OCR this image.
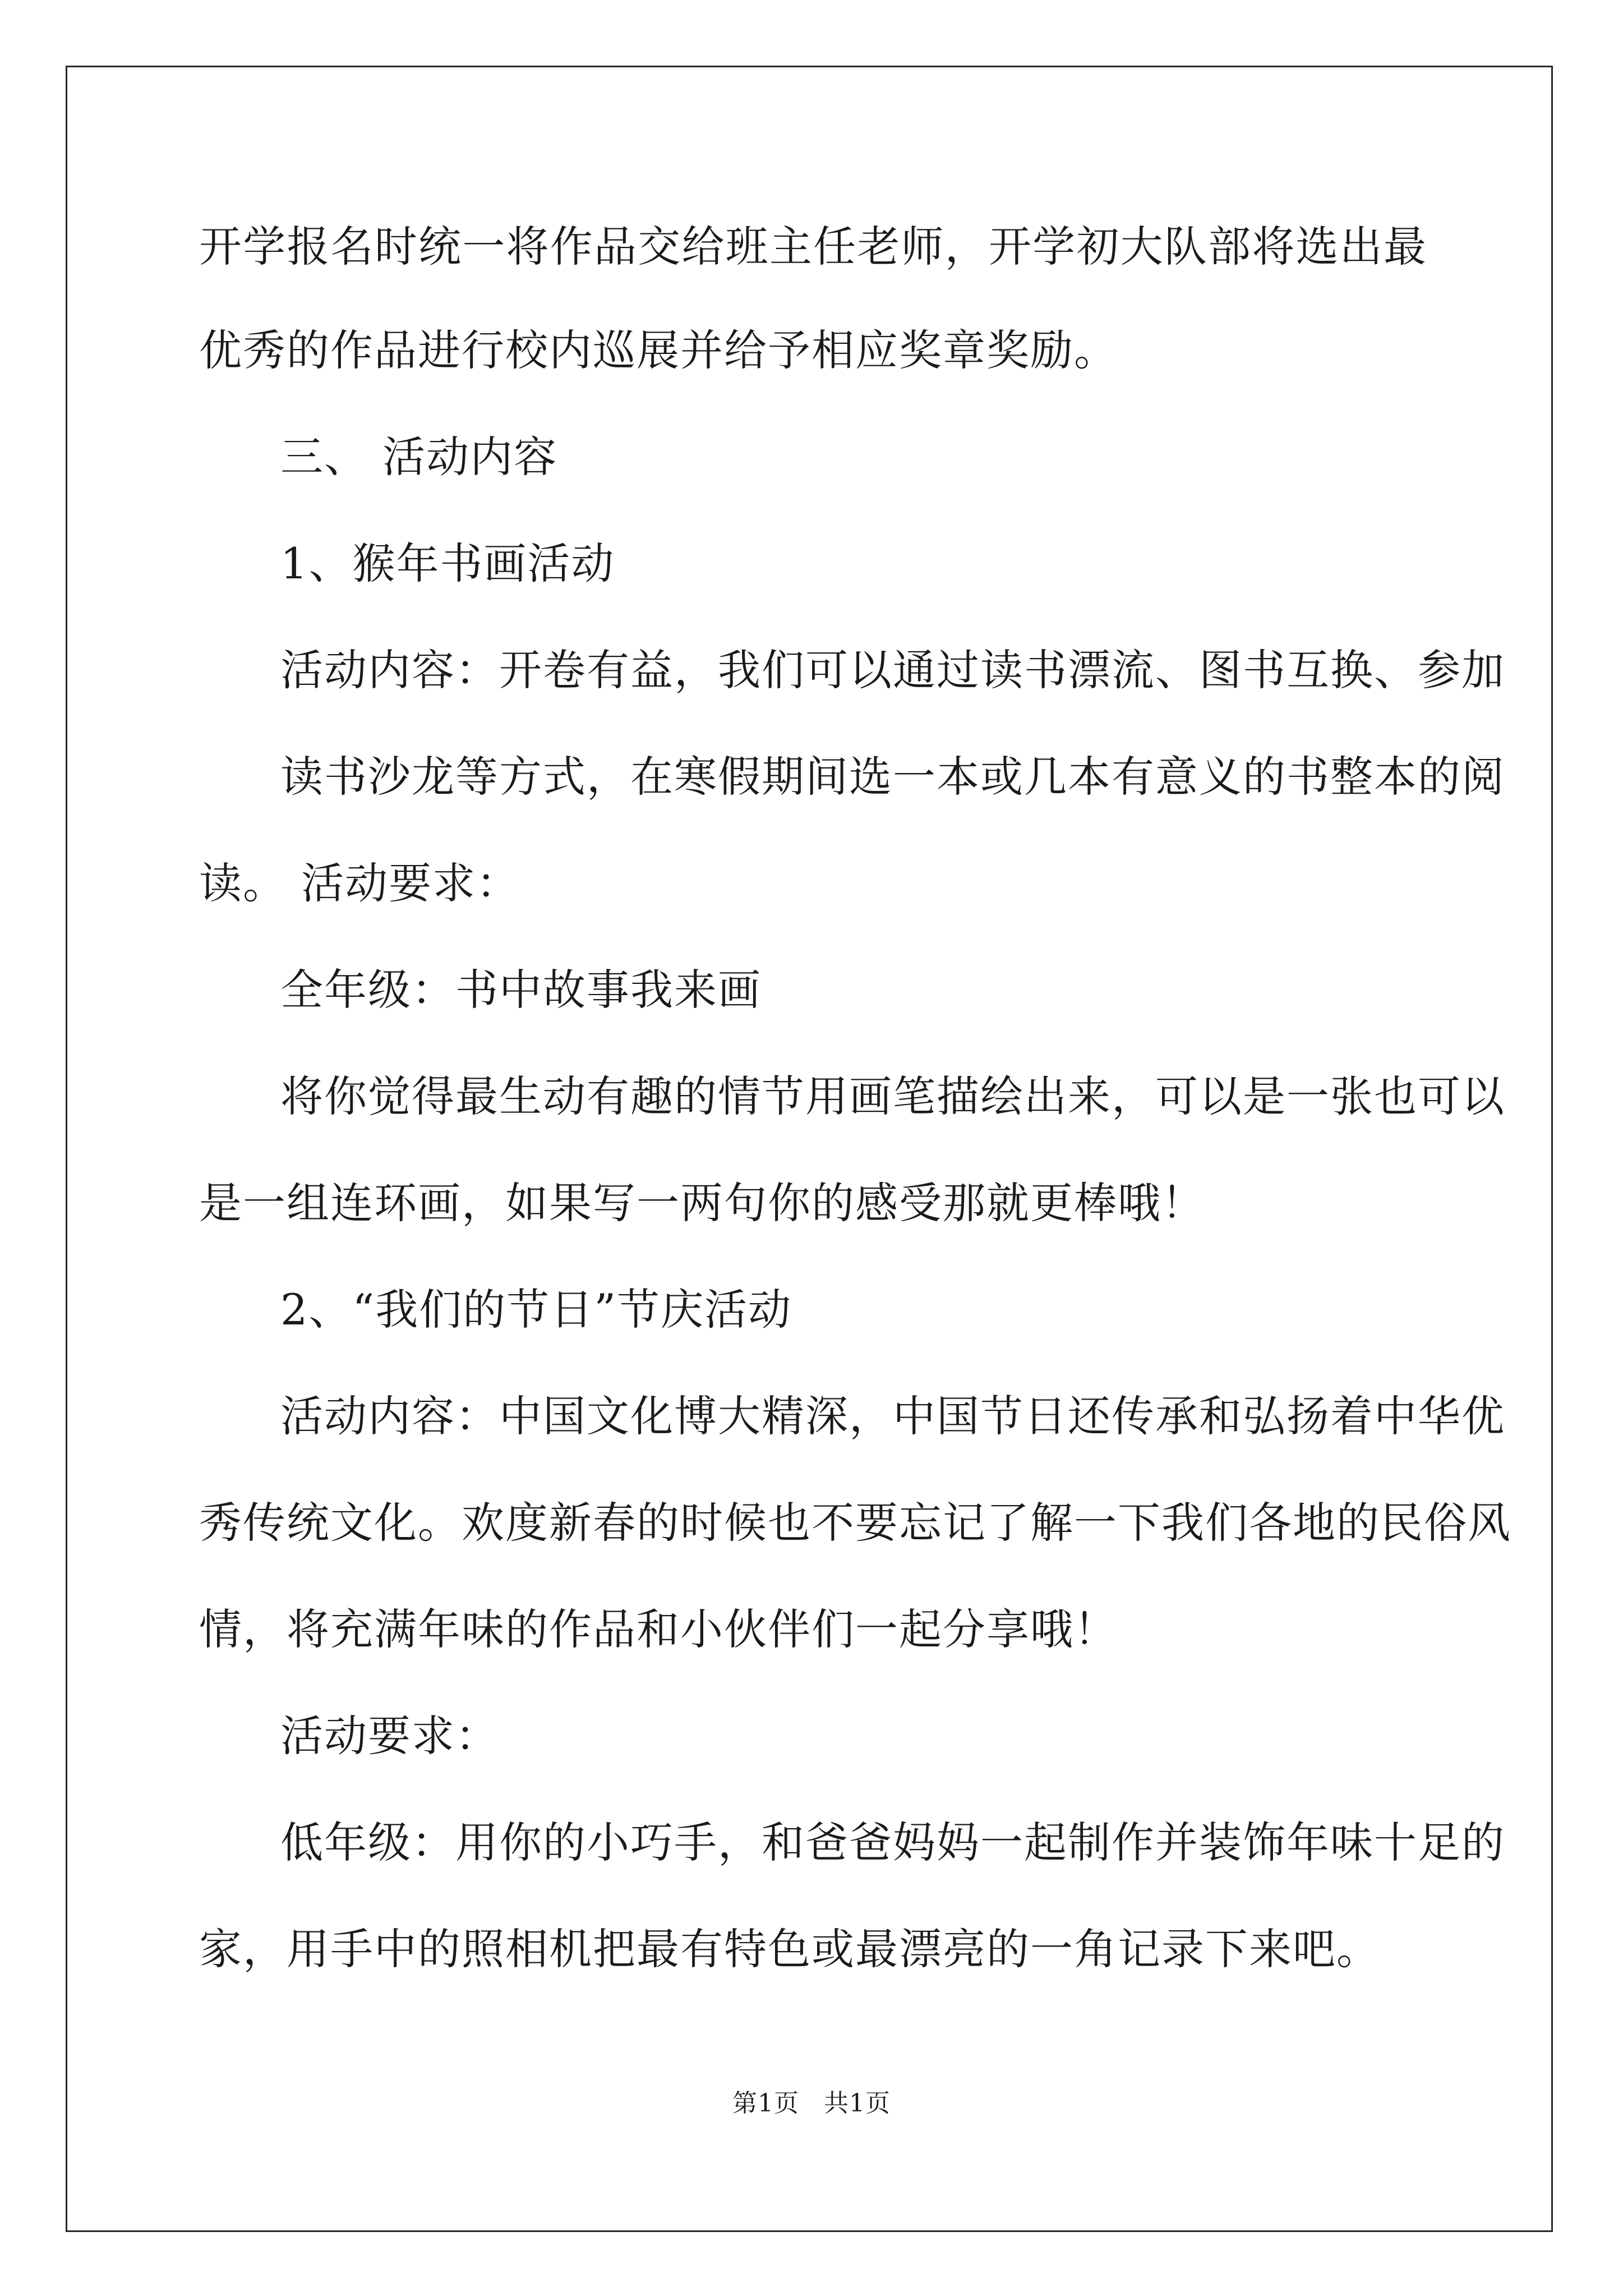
开学报名时统一将作品交给班主任老师，开学初大队部将选出最
优秀的作品进行校内巡展并给予相应奖章奖励。
三、 活动内容
1、猴年书画活动
活动内容：开卷有益，我们可以通过读书漂流、图书互换、参加
读书沙龙等方式，在寒假期间选一本或几本有意义的书整本的阅
读。 活动要求：
全年级：书中故事我来画
将你觉得最生动有趣的情节用画笔描绘出来，可以是一张也可以
是一组连环画，如果写一两句你的感受那就更棒哦！
2、“我们的节日”节庆活动
活动内容：中国文化博大精深，中国节日还传承和弘扬着中华优
秀传统文化。欢度新春的时候也不要忘记了解一下我们各地的民俗风
情，将充满年味的作品和小伙伴们一起分享哦！
活动要求：
低年级：用你的小巧手，和爸爸妈妈一起制作并装饰年味十足的
家，用手中的照相机把最有特色或最漂亮的一角记录下来吧。
第1页 共1页
